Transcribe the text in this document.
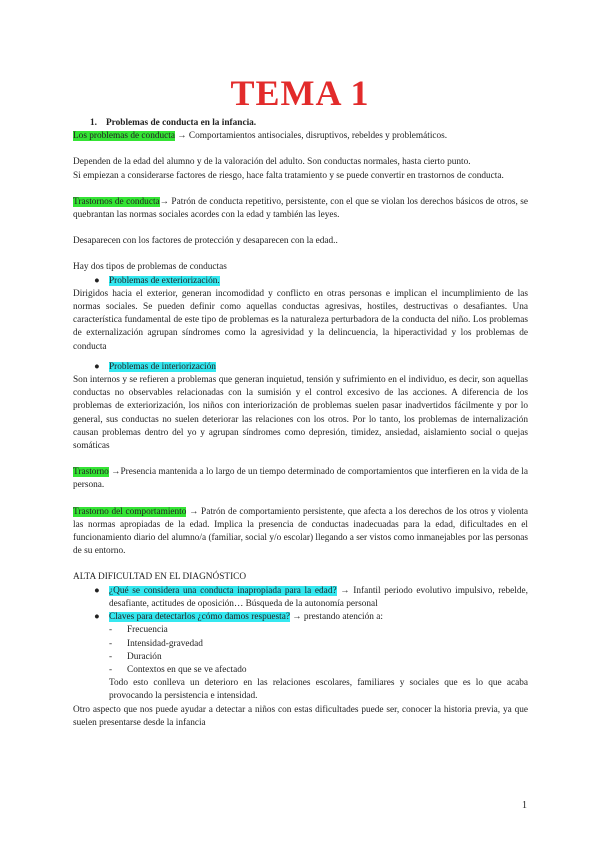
TEMA 1

1. Problemas de conducta en la infancia.

Los problemas de conducta → Comportamientos antisociales, disruptivos, rebeldes y problemáticos.

Dependen de la edad del alumno y de la valoración del adulto. Son conductas normales, hasta cierto punto.

Si empiezan a considerarse factores de riesgo, hace falta tratamiento y se puede convertir en trastornos de conducta.

Trastornos de conducta→ Patrón de conducta repetitivo, persistente, con el que se violan los derechos básicos de otros, se quebrantan las normas sociales acordes con la edad y también las leyes.

Desaparecen con los factores de protección y desaparecen con la edad..

Hay dos tipos de problemas de conductas

● Problemas de exteriorización.

Dirigidos hacia el exterior, generan incomodidad y conflicto en otras personas e implican el incumplimiento de las normas sociales. Se pueden definir como aquellas conductas agresivas, hostiles, destructivas o desafiantes. Una característica fundamental de este tipo de problemas es la naturaleza perturbadora de la conducta del niño. Los problemas de externalización agrupan síndromes como la agresividad y la delincuencia, la hiperactividad y los problemas de conducta

● Problemas de interiorización

Son internos y se refieren a problemas que generan inquietud, tensión y sufrimiento en el individuo, es decir, son aquellas conductas no observables relacionadas con la sumisión y el control excesivo de las acciones. A diferencia de los problemas de exteriorización, los niños con interiorización de problemas suelen pasar inadvertidos fácilmente y por lo general, sus conductas no suelen deteriorar las relaciones con los otros. Por lo tanto, los problemas de internalización causan problemas dentro del yo y agrupan síndromes como depresión, timidez, ansiedad, aislamiento social o quejas somáticas

Trastorno →Presencia mantenida a lo largo de un tiempo determinado de comportamientos que interfieren en la vida de la persona.

Trastorno del comportamiento → Patrón de comportamiento persistente, que afecta a los derechos de los otros y violenta las normas apropiadas de la edad. Implica la presencia de conductas inadecuadas para la edad, dificultades en el funcionamiento diario del alumno/a (familiar, social y/o escolar) llegando a ser vistos como inmanejables por las personas de su entorno.

ALTA DIFICULTAD EN EL DIAGNÓSTICO

● ¿Qué se considera una conducta inapropiada para la edad? → Infantil periodo evolutivo impulsivo, rebelde, desafiante, actitudes de oposición… Búsqueda de la autonomía personal

● Claves para detectarlos ¿cómo damos respuesta? → prestando atención a:

- Frecuencia

- Intensidad-gravedad

- Duración

- Contextos en que se ve afectado

Todo esto conlleva un deterioro en las relaciones escolares, familiares y sociales que es lo que acaba provocando la persistencia e intensidad.

Otro aspecto que nos puede ayudar a detectar a niños con estas dificultades puede ser, conocer la historia previa, ya que suelen presentarse desde la infancia

1
